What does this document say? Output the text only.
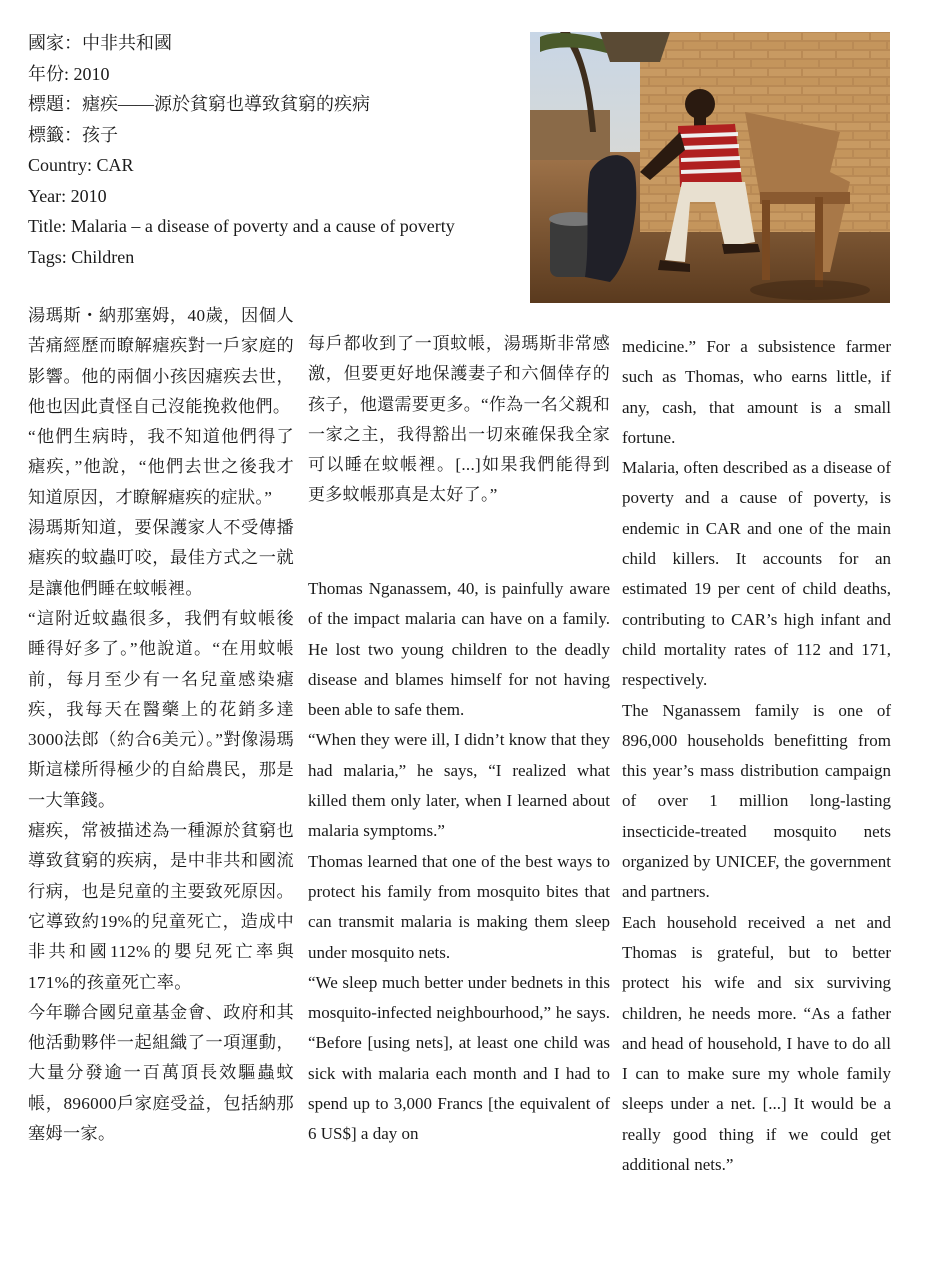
國家：中非共和國
年份: 2010
標題：瘧疾——源於貧窮也導致貧窮的疾病
標籤：孩子
Country: CAR
Year: 2010
Title: Malaria – a disease of poverty and a cause of poverty
Tags: Children

湯瑪斯・納那塞姆，40歲，因個人苦痛經歷而瞭解瘧疾對一戶家庭的影響。他的兩個小孩因瘧疾去世，他也因此責怪自己沒能挽救他們。

“他們生病時，我不知道他們得了瘧疾，”他說，“他們去世之後我才知道原因，才瞭解瘧疾的症狀。”

湯瑪斯知道，要保護家人不受傳播瘧疾的蚊蟲叮咬，最佳方式之一就是讓他們睡在蚊帳裡。

“這附近蚊蟲很多，我們有蚊帳後睡得好多了。”他說道。“在用蚊帳前，每月至少有一名兒童感染瘧疾，我每天在醫藥上的花銷多達3000法郎（約合6美元）。”對像湯瑪斯這樣所得極少的自給農民，那是一大筆錢。

瘧疾，常被描述為一種源於貧窮也導致貧窮的疾病，是中非共和國流行病，也是兒童的主要致死原因。它導致約19%的兒童死亡，造成中非共和國112%的嬰兒死亡率與171%的孩童死亡率。

今年聯合國兒童基金會、政府和其他活動夥伴一起組織了一項運動，大量分發逾一百萬頂長效驅蟲蚊帳，896000戶家庭受益，包括納那塞姆一家。

每戶都收到了一頂蚊帳，湯瑪斯非常感激，但要更好地保護妻子和六個倖存的孩子，他還需要更多。“作為一名父親和一家之主，我得豁出一切來確保我全家可以睡在蚊帳裡。[...]如果我們能得到更多蚊帳那真是太好了。”

Thomas Nganassem, 40, is painfully aware of the impact malaria can have on a family. He lost two young children to the deadly disease and blames himself for not having been able to safe them.

“When they were ill, I didn’t know that they had malaria,” he says, “I realized what killed them only later, when I learned about malaria symptoms.”

Thomas learned that one of the best ways to protect his family from mosquito bites that can transmit malaria is making them sleep under mosquito nets.

“We sleep much better under bednets in this mosquito-infected neighbourhood,” he says. “Before [using nets], at least one child was sick with malaria each month and I had to spend up to 3,000 Francs [the equivalent of 6 US$] a day on

medicine.” For a subsistence farmer such as Thomas, who earns little, if any, cash, that amount is a small fortune.

Malaria, often described as a disease of poverty and a cause of poverty, is endemic in CAR and one of the main child killers. It accounts for an estimated 19 per cent of child deaths, contributing to CAR’s high infant and child mortality rates of 112 and 171, respectively.

The Nganassem family is one of 896,000 households benefitting from this year’s mass distribution campaign of over 1 million long-lasting insecticide-treated mosquito nets organized by UNICEF, the government and partners.

Each household received a net and Thomas is grateful, but to better protect his wife and six surviving children, he needs more. “As a father and head of household, I have to do all I can to make sure my whole family sleeps under a net. [...] It would be a really good thing if we could get additional nets.”
